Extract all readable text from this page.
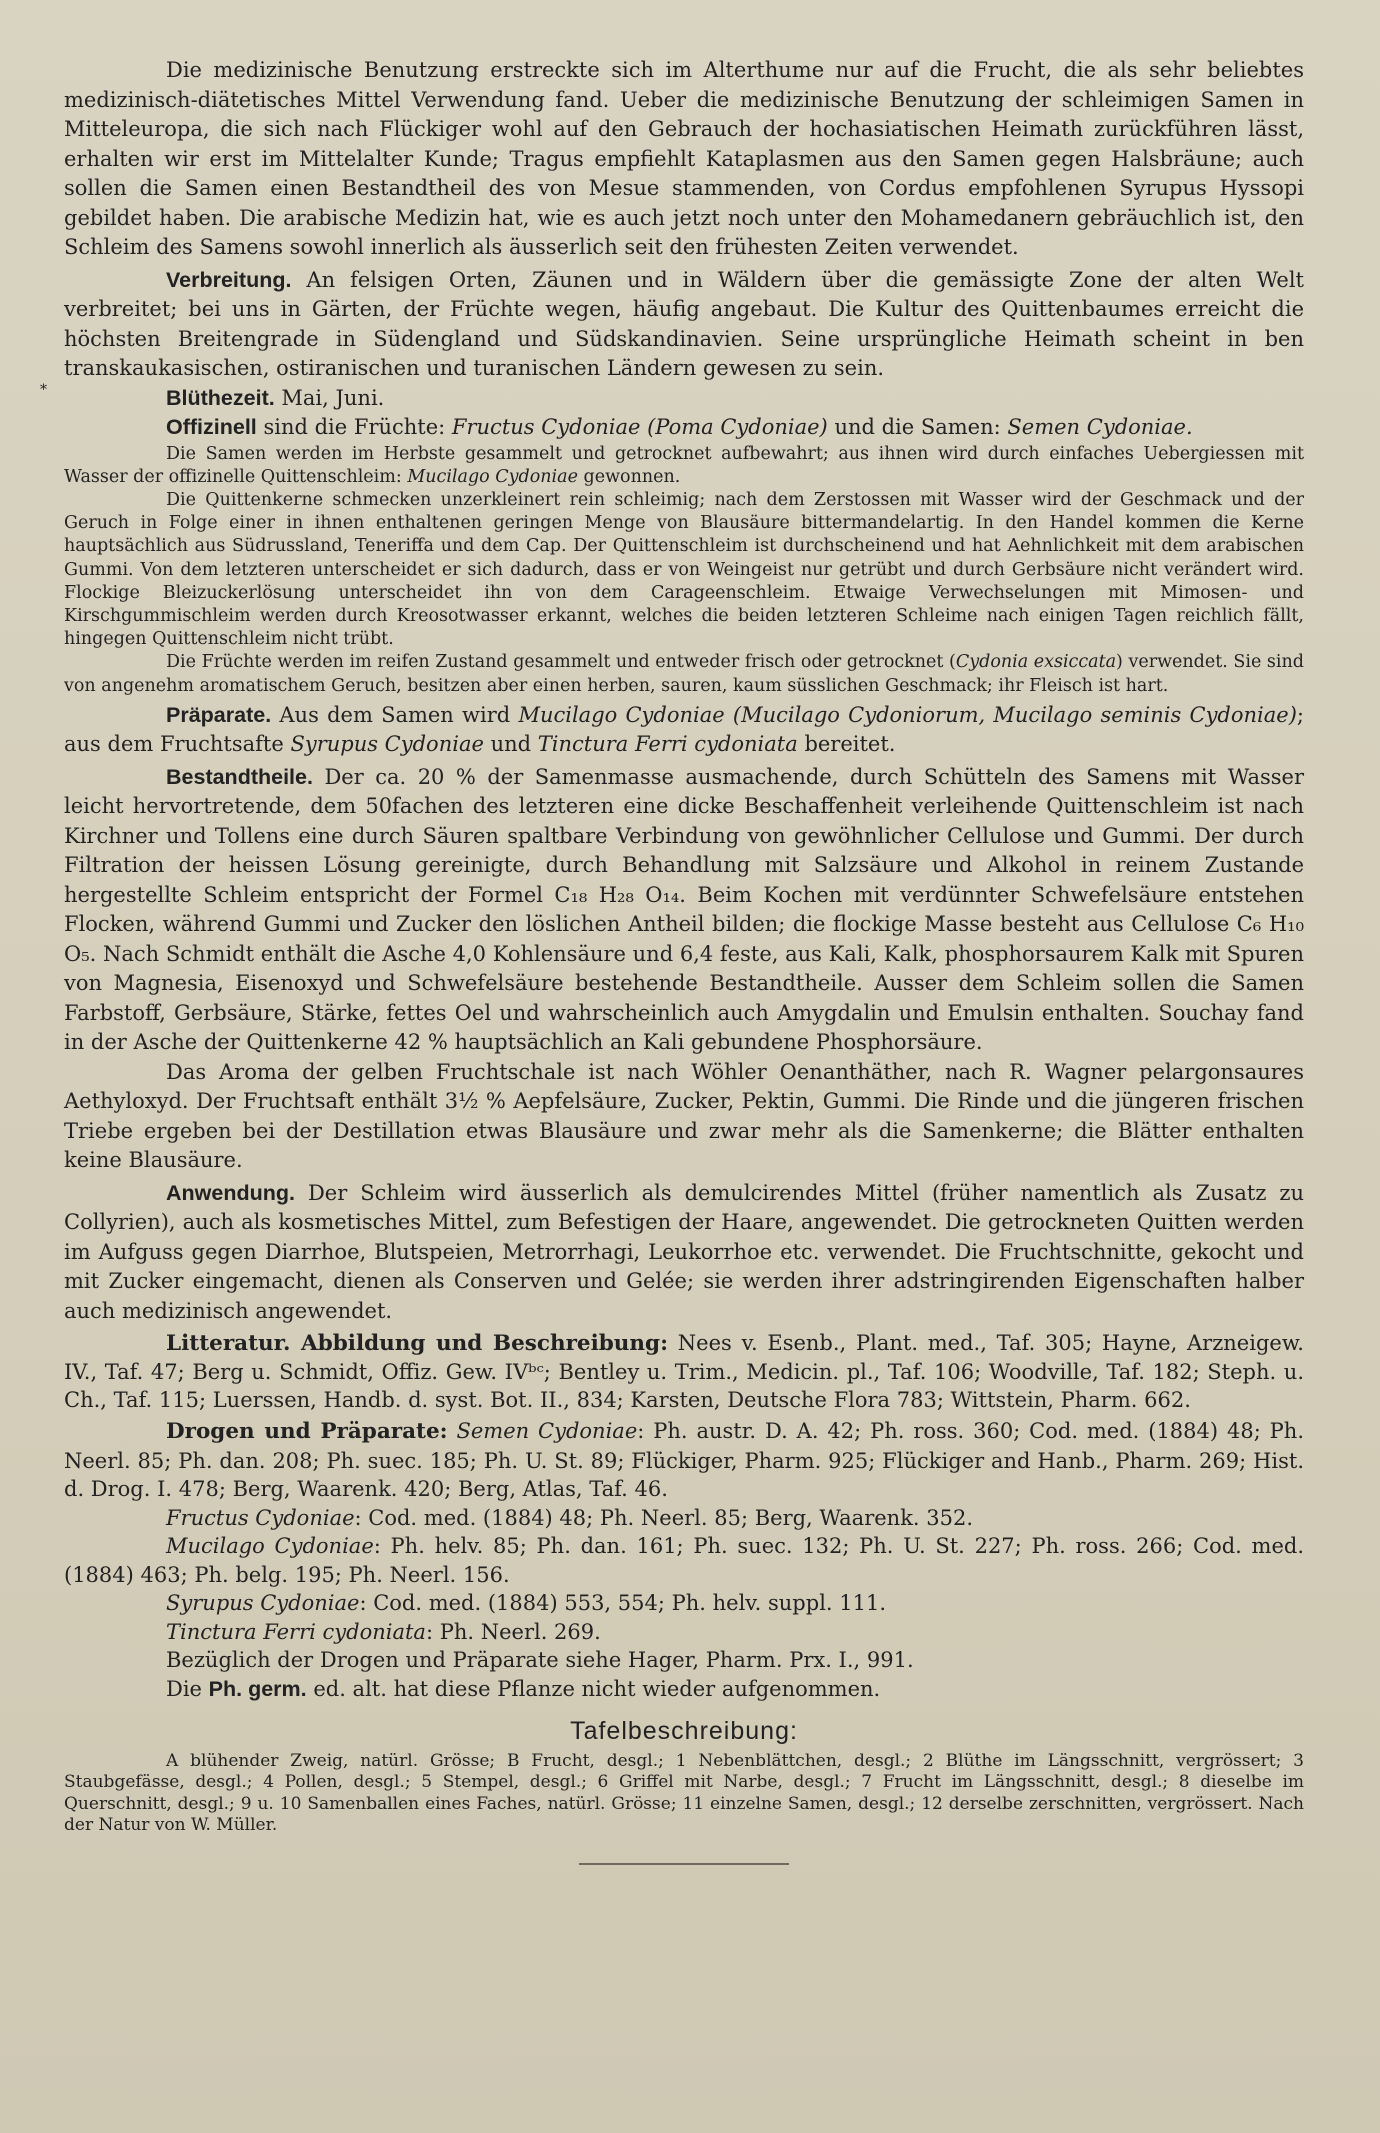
*

Die medizinische Benutzung erstreckte sich im Alterthume nur auf die Frucht, die als sehr beliebtes medizinisch-diätetisches Mittel Verwendung fand. Ueber die medizinische Benutzung der schleimigen Samen in Mitteleuropa, die sich nach Flückiger wohl auf den Gebrauch der hochasiatischen Heimath zurückführen lässt, erhalten wir erst im Mittelalter Kunde; Tragus empfiehlt Kataplasmen aus den Samen gegen Halsbräune; auch sollen die Samen einen Bestandtheil des von Mesue stammenden, von Cordus empfohlenen Syrupus Hyssopi gebildet haben. Die arabische Medizin hat, wie es auch jetzt noch unter den Mohamedanern gebräuchlich ist, den Schleim des Samens sowohl innerlich als äusserlich seit den frühesten Zeiten verwendet.

Verbreitung. An felsigen Orten, Zäunen und in Wäldern über die gemässigte Zone der alten Welt verbreitet; bei uns in Gärten, der Früchte wegen, häufig angebaut. Die Kultur des Quittenbaumes erreicht die höchsten Breitengrade in Südengland und Südskandinavien. Seine ursprüngliche Heimath scheint in ben transkaukasischen, ostiranischen und turanischen Ländern gewesen zu sein.

Blüthezeit. Mai, Juni.

Offizinell sind die Früchte: Fructus Cydoniae (Poma Cydoniae) und die Samen: Semen Cydoniae.

Die Samen werden im Herbste gesammelt und getrocknet aufbewahrt; aus ihnen wird durch einfaches Uebergiessen mit Wasser der offizinelle Quittenschleim: Mucilago Cydoniae gewonnen.

Die Quittenkerne schmecken unzerkleinert rein schleimig; nach dem Zerstossen mit Wasser wird der Geschmack und der Geruch in Folge einer in ihnen enthaltenen geringen Menge von Blausäure bittermandelartig. In den Handel kommen die Kerne hauptsächlich aus Südrussland, Teneriffa und dem Cap. Der Quittenschleim ist durchscheinend und hat Aehnlichkeit mit dem arabischen Gummi. Von dem letzteren unterscheidet er sich dadurch, dass er von Weingeist nur getrübt und durch Gerbsäure nicht verändert wird. Flockige Bleizuckerlösung unterscheidet ihn von dem Carageenschleim. Etwaige Verwechselungen mit Mimosen- und Kirschgummischleim werden durch Kreosotwasser erkannt, welches die beiden letzteren Schleime nach einigen Tagen reichlich fällt, hingegen Quittenschleim nicht trübt.

Die Früchte werden im reifen Zustand gesammelt und entweder frisch oder getrocknet (Cydonia exsiccata) verwendet. Sie sind von angenehm aromatischem Geruch, besitzen aber einen herben, sauren, kaum süsslichen Geschmack; ihr Fleisch ist hart.

Präparate. Aus dem Samen wird Mucilago Cydoniae (Mucilago Cydoniorum, Mucilago seminis Cydoniae); aus dem Fruchtsafte Syrupus Cydoniae und Tinctura Ferri cydoniata bereitet.

Bestandtheile. Der ca. 20 % der Samenmasse ausmachende, durch Schütteln des Samens mit Wasser leicht hervortretende, dem 50fachen des letzteren eine dicke Beschaffenheit verleihende Quittenschleim ist nach Kirchner und Tollens eine durch Säuren spaltbare Verbindung von gewöhnlicher Cellulose und Gummi. Der durch Filtration der heissen Lösung gereinigte, durch Behandlung mit Salzsäure und Alkohol in reinem Zustande hergestellte Schleim entspricht der Formel C₁₈ H₂₈ O₁₄. Beim Kochen mit verdünnter Schwefelsäure entstehen Flocken, während Gummi und Zucker den löslichen Antheil bilden; die flockige Masse besteht aus Cellulose C₆ H₁₀ O₅. Nach Schmidt enthält die Asche 4,0 Kohlensäure und 6,4 feste, aus Kali, Kalk, phosphorsaurem Kalk mit Spuren von Magnesia, Eisenoxyd und Schwefelsäure bestehende Bestandtheile. Ausser dem Schleim sollen die Samen Farbstoff, Gerbsäure, Stärke, fettes Oel und wahrscheinlich auch Amygdalin und Emulsin enthalten. Souchay fand in der Asche der Quittenkerne 42 % hauptsächlich an Kali gebundene Phosphorsäure.

Das Aroma der gelben Fruchtschale ist nach Wöhler Oenanthäther, nach R. Wagner pelargonsaures Aethyloxyd. Der Fruchtsaft enthält 3½ % Aepfelsäure, Zucker, Pektin, Gummi. Die Rinde und die jüngeren frischen Triebe ergeben bei der Destillation etwas Blausäure und zwar mehr als die Samenkerne; die Blätter enthalten keine Blausäure.

Anwendung. Der Schleim wird äusserlich als demulcirendes Mittel (früher namentlich als Zusatz zu Collyrien), auch als kosmetisches Mittel, zum Befestigen der Haare, angewendet. Die getrockneten Quitten werden im Aufguss gegen Diarrhoe, Blutspeien, Metrorrhagi, Leukorrhoe etc. verwendet. Die Fruchtschnitte, gekocht und mit Zucker eingemacht, dienen als Conserven und Gelée; sie werden ihrer adstringirenden Eigenschaften halber auch medizinisch angewendet.

Litteratur. Abbildung und Beschreibung: Nees v. Esenb., Plant. med., Taf. 305; Hayne, Arzneigew. IV., Taf. 47; Berg u. Schmidt, Offiz. Gew. IVᵇᶜ; Bentley u. Trim., Medicin. pl., Taf. 106; Woodville, Taf. 182; Steph. u. Ch., Taf. 115; Luerssen, Handb. d. syst. Bot. II., 834; Karsten, Deutsche Flora 783; Wittstein, Pharm. 662.

Drogen und Präparate: Semen Cydoniae: Ph. austr. D. A. 42; Ph. ross. 360; Cod. med. (1884) 48; Ph. Neerl. 85; Ph. dan. 208; Ph. suec. 185; Ph. U. St. 89; Flückiger, Pharm. 925; Flückiger and Hanb., Pharm. 269; Hist. d. Drog. I. 478; Berg, Waarenk. 420; Berg, Atlas, Taf. 46.

Fructus Cydoniae: Cod. med. (1884) 48; Ph. Neerl. 85; Berg, Waarenk. 352.

Mucilago Cydoniae: Ph. helv. 85; Ph. dan. 161; Ph. suec. 132; Ph. U. St. 227; Ph. ross. 266; Cod. med. (1884) 463; Ph. belg. 195; Ph. Neerl. 156.

Syrupus Cydoniae: Cod. med. (1884) 553, 554; Ph. helv. suppl. 111.

Tinctura Ferri cydoniata: Ph. Neerl. 269.

Bezüglich der Drogen und Präparate siehe Hager, Pharm. Prx. I., 991.

Die Ph. germ. ed. alt. hat diese Pflanze nicht wieder aufgenommen.

Tafelbeschreibung:

A blühender Zweig, natürl. Grösse; B Frucht, desgl.; 1 Nebenblättchen, desgl.; 2 Blüthe im Längsschnitt, vergrössert; 3 Staubgefässe, desgl.; 4 Pollen, desgl.; 5 Stempel, desgl.; 6 Griffel mit Narbe, desgl.; 7 Frucht im Längsschnitt, desgl.; 8 dieselbe im Querschnitt, desgl.; 9 u. 10 Samenballen eines Faches, natürl. Grösse; 11 einzelne Samen, desgl.; 12 derselbe zerschnitten, vergrössert. Nach der Natur von W. Müller.
